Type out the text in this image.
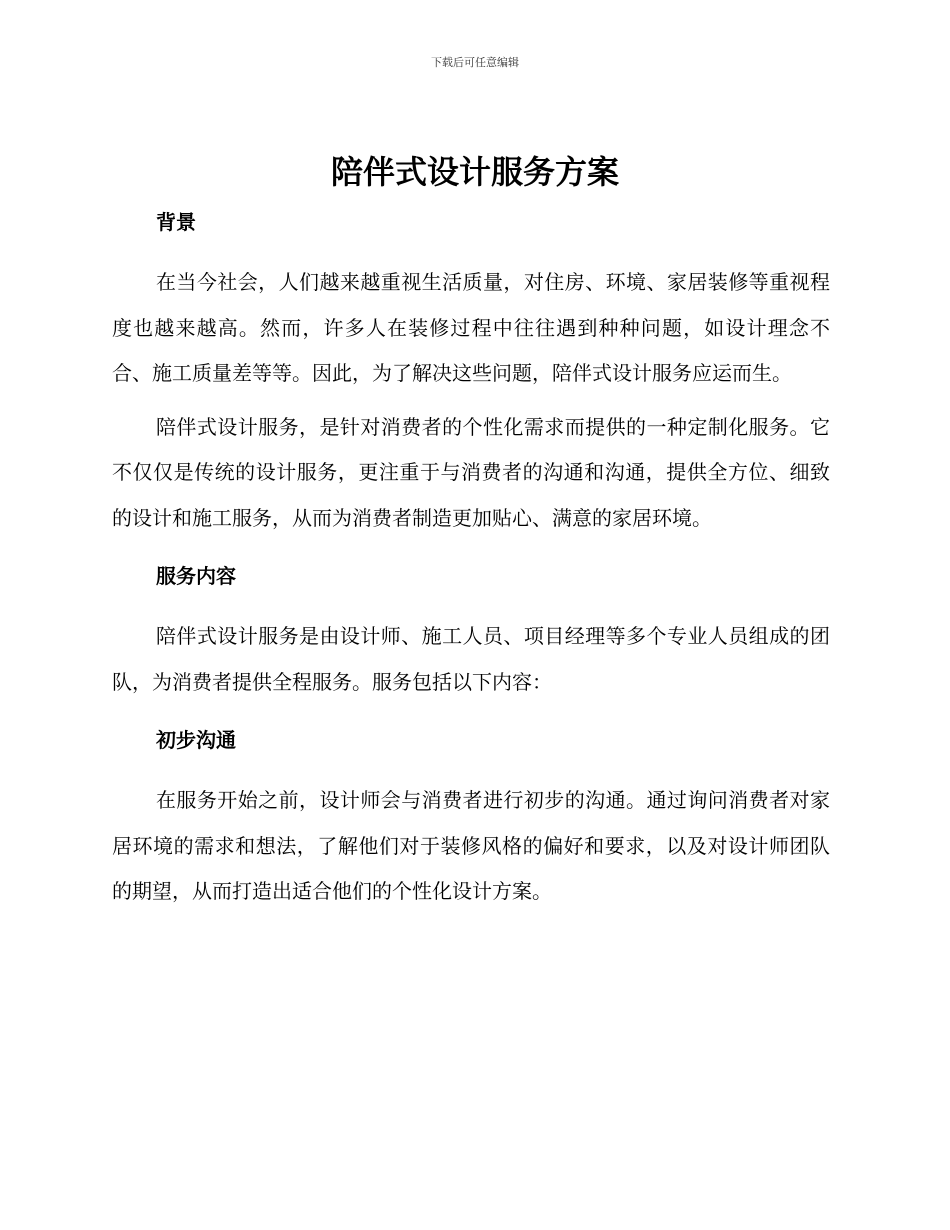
下载后可任意编辑
陪伴式设计服务方案
背景

在当今社会，人们越来越重视生活质量，对住房、环境、家居装修等重视程度也越来越高。然而，许多人在装修过程中往往遇到种种问题，如设计理念不合、施工质量差等等。因此，为了解决这些问题，陪伴式设计服务应运而生。

陪伴式设计服务，是针对消费者的个性化需求而提供的一种定制化服务。它不仅仅是传统的设计服务，更注重于与消费者的沟通和沟通，提供全方位、细致的设计和施工服务，从而为消费者制造更加贴心、满意的家居环境。

服务内容

陪伴式设计服务是由设计师、施工人员、项目经理等多个专业人员组成的团队，为消费者提供全程服务。服务包括以下内容：

初步沟通

在服务开始之前，设计师会与消费者进行初步的沟通。通过询问消费者对家居环境的需求和想法，了解他们对于装修风格的偏好和要求，以及对设计师团队的期望，从而打造出适合他们的个性化设计方案。
